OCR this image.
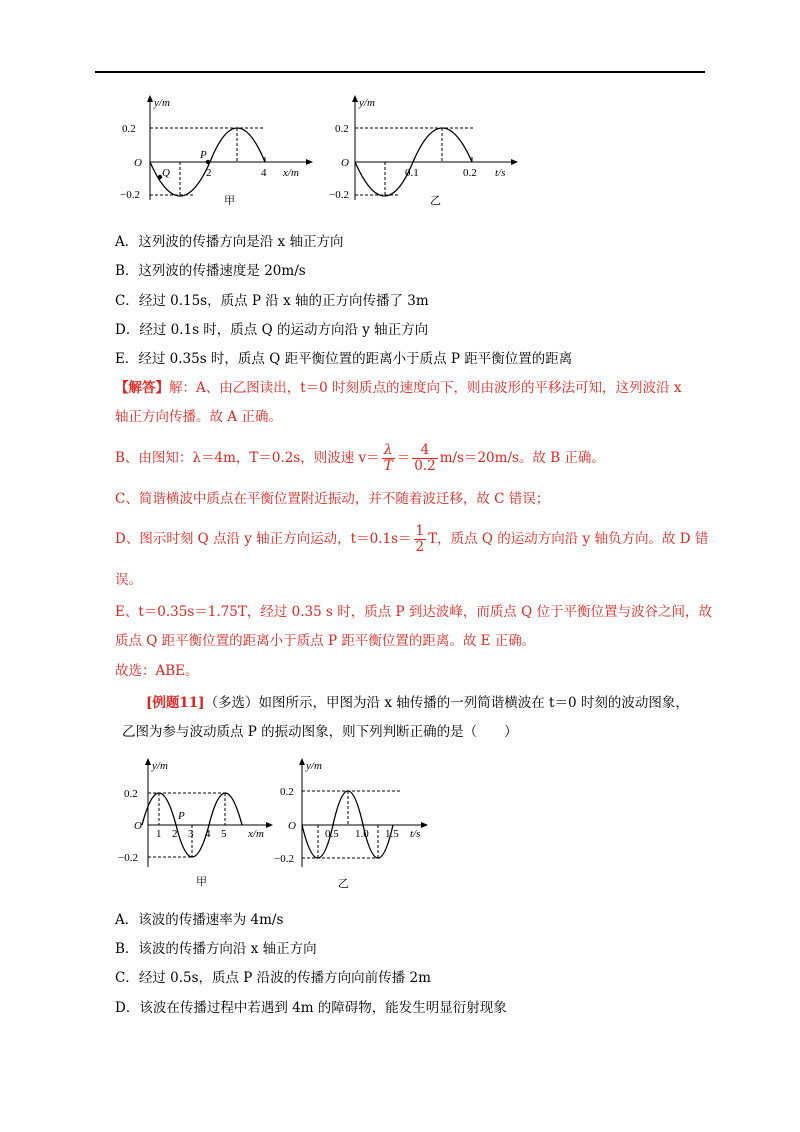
y/m
0.2
−0.2
O
2	4 x/m
P
Q
甲
y/m
0.2
−0.2
O
0.1	0.2 t/s
乙
A．这列波的传播方向是沿 x 轴正方向
B．这列波的传播速度是 20m/s
C．经过 0.15s，质点 P 沿 x 轴的正方向传播了 3m
D．经过 0.1s 时，质点 Q 的运动方向沿 y 轴正方向
E．经过 0.35s 时，质点 Q 距平衡位置的距离小于质点 P 距平衡位置的距离
【解答】解：A、由乙图读出，t＝0 时刻质点的速度向下，则由波形的平移法可知，这列波沿 x
轴正方向传播。故 A 正确。
B、由图知：λ＝4m，T＝0.2s，则波速 $v= \frac{\lambda}{T} = \frac{4}{0.2} m/s=20m/s$。故 B 正确。
C、简谐横波中质点在平衡位置附近振动，并不随着波迁移，故 C 错误；
D、图示时刻 Q 点沿 y 轴正方向运动，$t=0.1s= \frac{1}{2}$ T，质点 Q 的运动方向沿 y 轴负方向。故 D 错
误。
E、t＝0.35s＝1.75T，经过 0.35 s 时，质点 P 到达波峰，而质点 Q 位于平衡位置与波谷之间，故
质点 Q 距平衡位置的距离小于质点 P 距平衡位置的距离。故 E 正确。
故选：ABE。
[例题11]（多选）如图所示，甲图为沿 x 轴传播的一列简谐横波在 t＝0 时刻的波动图象，
乙图为参与波动质点 P 的振动图象，则下列判断正确的是（　　）
y/m
0.2
−0.2
O
1 2 3 4 5 x/m
P
甲
y/m
0.2
−0.2
O
0.5 1.0 1.5 t/s
乙
A．该波的传播速率为 4m/s
B．该波的传播方向沿 x 轴正方向
C．经过 0.5s，质点 P 沿波的传播方向向前传播 2m
D．该波在传播过程中若遇到 4m 的障碍物，能发生明显衍射现象
